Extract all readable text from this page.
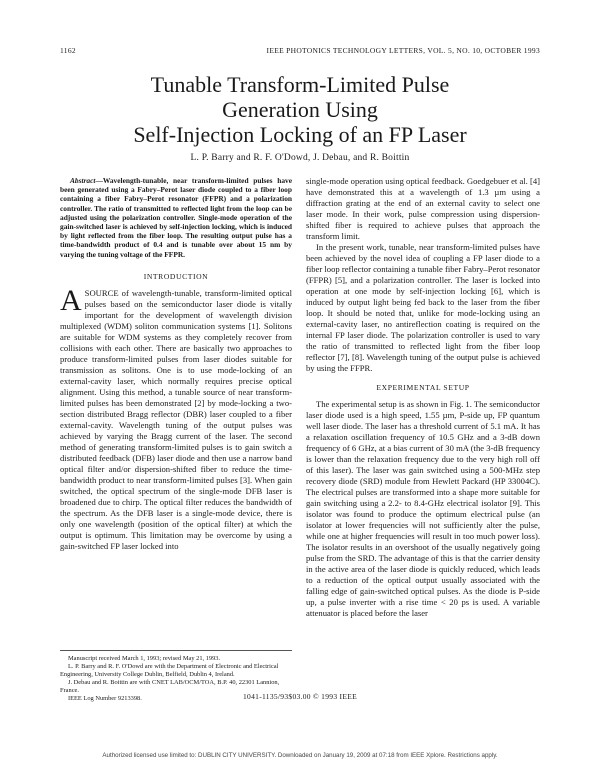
1162	IEEE PHOTONICS TECHNOLOGY LETTERS, VOL. 5, NO. 10, OCTOBER 1993
Tunable Transform-Limited Pulse
Generation Using
Self-Injection Locking of an FP Laser
L. P. Barry and R. F. O'Dowd, J. Debau, and R. Boittin

Abstract—Wavelength-tunable, near transform-limited pulses have been generated using a Fabry–Perot laser diode coupled to a fiber loop containing a fiber Fabry–Perot resonator (FFPR) and a polarization controller. The ratio of transmitted to reflected light from the loop can be adjusted using the polarization controller. Single-mode operation of the gain-switched laser is achieved by self-injection locking, which is induced by light reflected from the fiber loop. The resulting output pulse has a time-bandwidth product of 0.4 and is tunable over about 15 nm by varying the tuning voltage of the FFPR.

INTRODUCTION

ASOURCE of wavelength-tunable, transform-limited optical pulses based on the semiconductor laser diode is vitally important for the development of wavelength division multiplexed (WDM) soliton communication systems [1]. Solitons are suitable for WDM systems as they completely recover from collisions with each other. There are basically two approaches to produce transform-limited pulses from laser diodes suitable for transmission as solitons. One is to use mode-locking of an external-cavity laser, which normally requires precise optical alignment. Using this method, a tunable source of near transform-limited pulses has been demonstrated [2] by mode-locking a two-section distributed Bragg reflector (DBR) laser coupled to a fiber external-cavity. Wavelength tuning of the output pulses was achieved by varying the Bragg current of the laser. The second method of generating transform-limited pulses is to gain switch a distributed feedback (DFB) laser diode and then use a narrow band optical filter and/or dispersion-shifted fiber to reduce the time-bandwidth product to near transform-limited pulses [3]. When gain switched, the optical spectrum of the single-mode DFB laser is broadened due to chirp. The optical filter reduces the bandwidth of the spectrum. As the DFB laser is a single-mode device, there is only one wavelength (position of the optical filter) at which the output is optimum. This limitation may be overcome by using a gain-switched FP laser locked into

single-mode operation using optical feedback. Goedgebuer et al. [4] have demonstrated this at a wavelength of 1.3 µm using a diffraction grating at the end of an external cavity to select one laser mode. In their work, pulse compression using dispersion-shifted fiber is required to achieve pulses that approach the transform limit.

In the present work, tunable, near transform-limited pulses have been achieved by the novel idea of coupling a FP laser diode to a fiber loop reflector containing a tunable fiber Fabry–Perot resonator (FFPR) [5], and a polarization controller. The laser is locked into operation at one mode by self-injection locking [6], which is induced by output light being fed back to the laser from the fiber loop. It should be noted that, unlike for mode-locking using an external-cavity laser, no antireflection coating is required on the internal FP laser diode. The polarization controller is used to vary the ratio of transmitted to reflected light from the fiber loop reflector [7], [8]. Wavelength tuning of the output pulse is achieved by using the FFPR.

EXPERIMENTAL SETUP

The experimental setup is as shown in Fig. 1. The semiconductor laser diode used is a high speed, 1.55 µm, P-side up, FP quantum well laser diode. The laser has a threshold current of 5.1 mA. It has a relaxation oscillation frequency of 10.5 GHz and a 3-dB down frequency of 6 GHz, at a bias current of 30 mA (the 3-dB frequency is lower than the relaxation frequency due to the very high roll off of this laser). The laser was gain switched using a 500-MHz step recovery diode (SRD) module from Hewlett Packard (HP 33004C). The electrical pulses are transformed into a shape more suitable for gain switching using a 2.2- to 8.4-GHz electrical isolator [9]. This isolator was found to produce the optimum electrical pulse (an isolator at lower frequencies will not sufficiently alter the pulse, while one at higher frequencies will result in too much power loss). The isolator results in an overshoot of the usually negatively going pulse from the SRD. The advantage of this is that the carrier density in the active area of the laser diode is quickly reduced, which leads to a reduction of the optical output usually associated with the falling edge of gain-switched optical pulses. As the diode is P-side up, a pulse inverter with a rise time < 20 ps is used. A variable attenuator is placed before the laser

Manuscript received March 1, 1993; revised May 21, 1993.

L. P. Barry and R. F. O'Dowd are with the Department of Electronic and Electrical Engineering, University College Dublin, Belfield, Dublin 4, Ireland.

J. Debau and R. Boittin are with CNET LAB/OCM/TOA, B.P. 40, 22301 Lannion, France.

IEEE Log Number 9213398.	1041-1135/93$03.00 © 1993 IEEE
Authorized licensed use limited to: DUBLIN CITY UNIVERSITY. Downloaded on January 19, 2009 at 07:18 from IEEE Xplore. Restrictions apply.
